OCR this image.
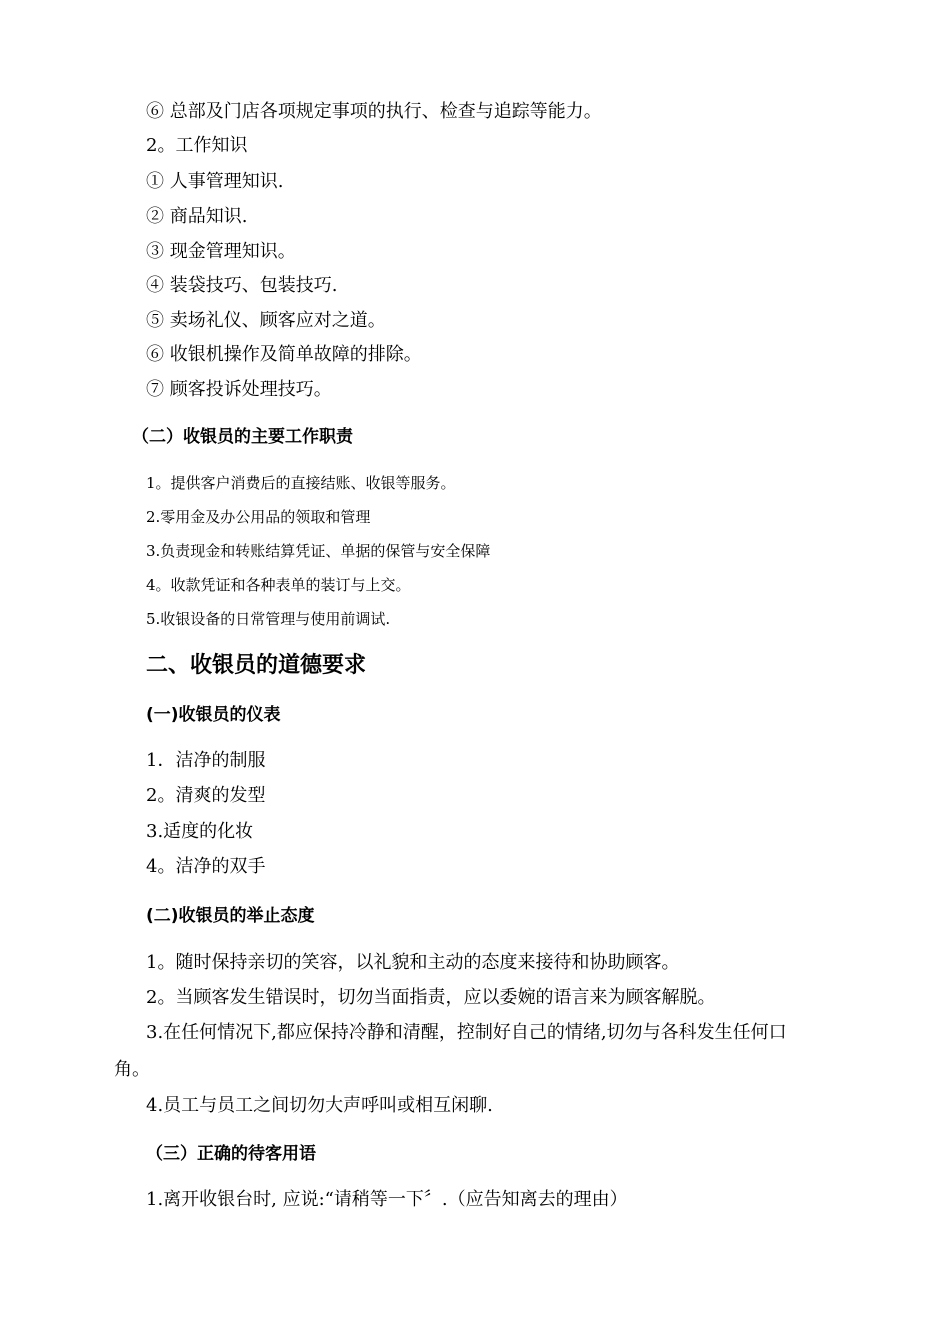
⑥ 总部及门店各项规定事项的执行、检查与追踪等能力。
2。工作知识
① 人事管理知识.
② 商品知识.
③ 现金管理知识。
④ 装袋技巧、包装技巧.
⑤ 卖场礼仪、顾客应对之道。
⑥ 收银机操作及简单故障的排除。
⑦ 顾客投诉处理技巧。
（二）收银员的主要工作职责
1。提供客户消费后的直接结账、收银等服务。
2.零用金及办公用品的领取和管理
3.负责现金和转账结算凭证、单据的保管与安全保障
4。收款凭证和各种表单的装订与上交。
5.收银设备的日常管理与使用前调试.
二、收银员的道德要求
(一)收银员的仪表
1．洁净的制服
2。清爽的发型
3.适度的化妆
4。洁净的双手
(二)收银员的举止态度
1。随时保持亲切的笑容，以礼貌和主动的态度来接待和协助顾客。
2。当顾客发生错误时，切勿当面指责，应以委婉的语言来为顾客解脱。
3.在任何情况下,都应保持冷静和清醒，控制好自己的情绪,切勿与各科发生任何口
角。
4.员工与员工之间切勿大声呼叫或相互闲聊.
（三）正确的待客用语
1.离开收银台时, 应说:“请稍等一下〞.（应告知离去的理由）
